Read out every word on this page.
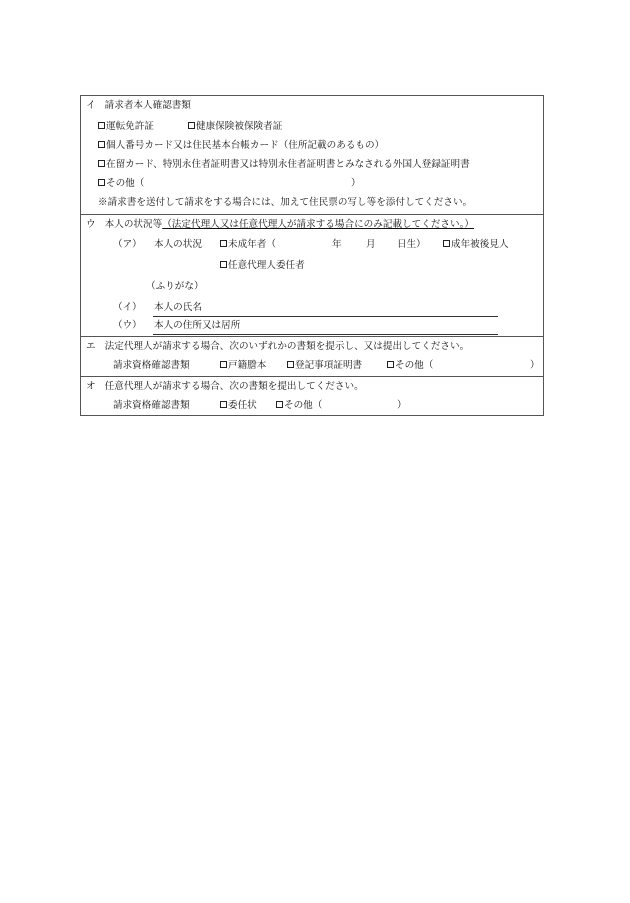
イ 請求者本人確認書類
運転免許証	健康保険被保険者証
個人番号カード又は住民基本台帳カード（住所記載のあるもの）
在留カード、特別永住者証明書又は特別永住者証明書とみなされる外国人登録証明書
その他（	）
※請求書を送付して請求をする場合には、加えて住民票の写し等を添付してください。
ウ 本人の状況等（法定代理人又は任意代理人が請求する場合にのみ記載してください。）
（ア） 本人の状況	未成年者（	年	月 日生）	成年被後見人
任意代理人委任者
（ふりがな）
（イ） 本人の氏名
（ウ） 本人の住所又は居所
エ 法定代理人が請求する場合、次のいずれかの書類を提示し、又は提出してください。
請求資格確認書類	戸籍謄本	登記事項証明書	その他（	）
オ 任意代理人が請求する場合、次の書類を提出してください。
請求資格確認書類	委任状	その他（	）
